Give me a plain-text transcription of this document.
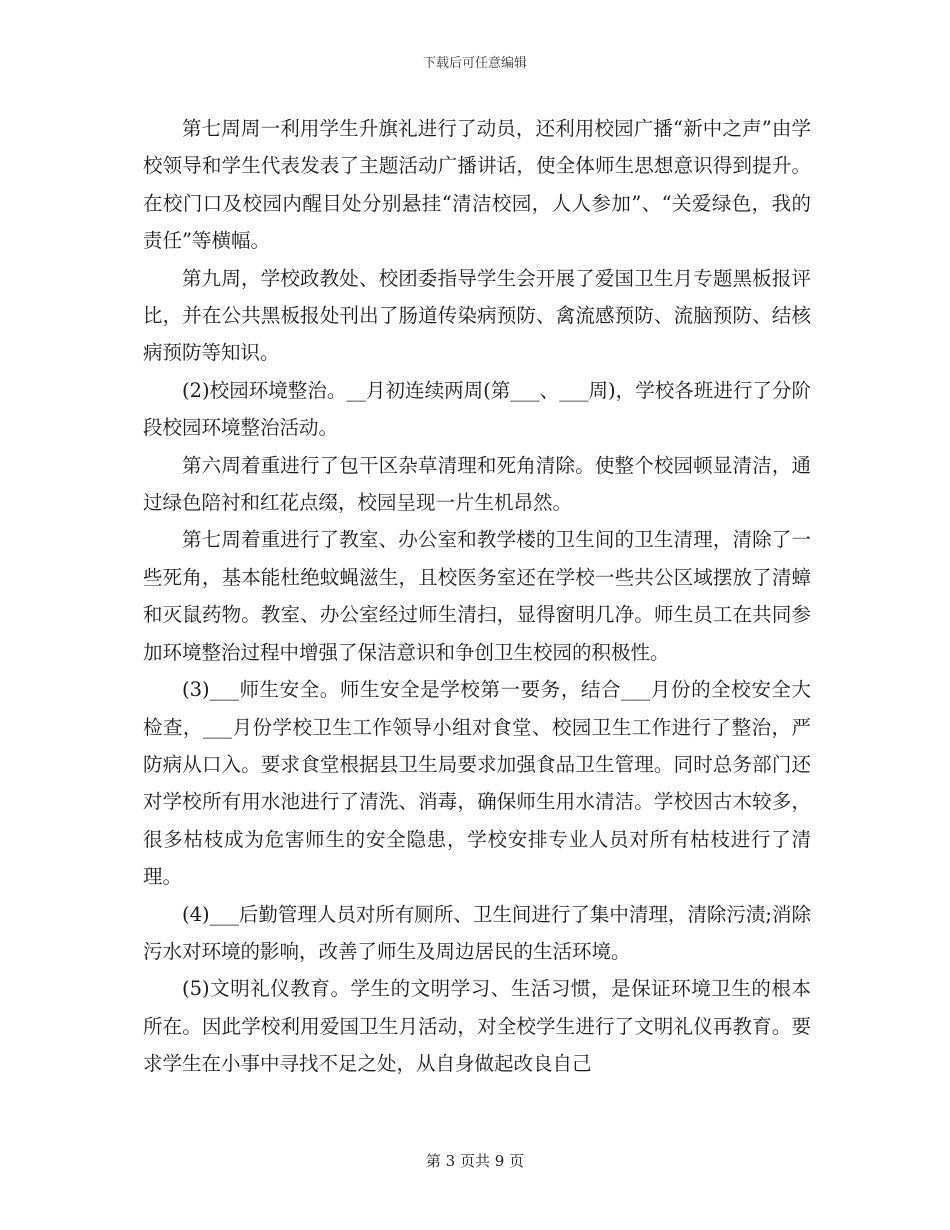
下载后可任意编辑

第七周周一利用学生升旗礼进行了动员，还利用校园广播“新中之声”由学校领导和学生代表发表了主题活动广播讲话，使全体师生思想意识得到提升。在校门口及校园内醒目处分别悬挂“清洁校园，人人参加”、“关爱绿色，我的责任”等横幅。

第九周，学校政教处、校团委指导学生会开展了爱国卫生月专题黑板报评比，并在公共黑板报处刊出了肠道传染病预防、禽流感预防、流脑预防、结核病预防等知识。

(2)校园环境整治。__月初连续两周(第___、___周)，学校各班进行了分阶段校园环境整治活动。

第六周着重进行了包干区杂草清理和死角清除。使整个校园顿显清洁，通过绿色陪衬和红花点缀，校园呈现一片生机昂然。

第七周着重进行了教室、办公室和教学楼的卫生间的卫生清理，清除了一些死角，基本能杜绝蚊蝇滋生，且校医务室还在学校一些共公区域摆放了清蟑和灭鼠药物。教室、办公室经过师生清扫，显得窗明几净。师生员工在共同参加环境整治过程中增强了保洁意识和争创卫生校园的积极性。

(3)___师生安全。师生安全是学校第一要务，结合___月份的全校安全大检查，___月份学校卫生工作领导小组对食堂、校园卫生工作进行了整治，严防病从口入。要求食堂根据县卫生局要求加强食品卫生管理。同时总务部门还对学校所有用水池进行了清洗、消毒，确保师生用水清洁。学校因古木较多，很多枯枝成为危害师生的安全隐患，学校安排专业人员对所有枯枝进行了清理。

(4)___后勤管理人员对所有厕所、卫生间进行了集中清理，清除污渍;消除污水对环境的影响，改善了师生及周边居民的生活环境。

(5)文明礼仪教育。学生的文明学习、生活习惯，是保证环境卫生的根本所在。因此学校利用爱国卫生月活动，对全校学生进行了文明礼仪再教育。要求学生在小事中寻找不足之处，从自身做起改良自己

第 3 页共 9 页
